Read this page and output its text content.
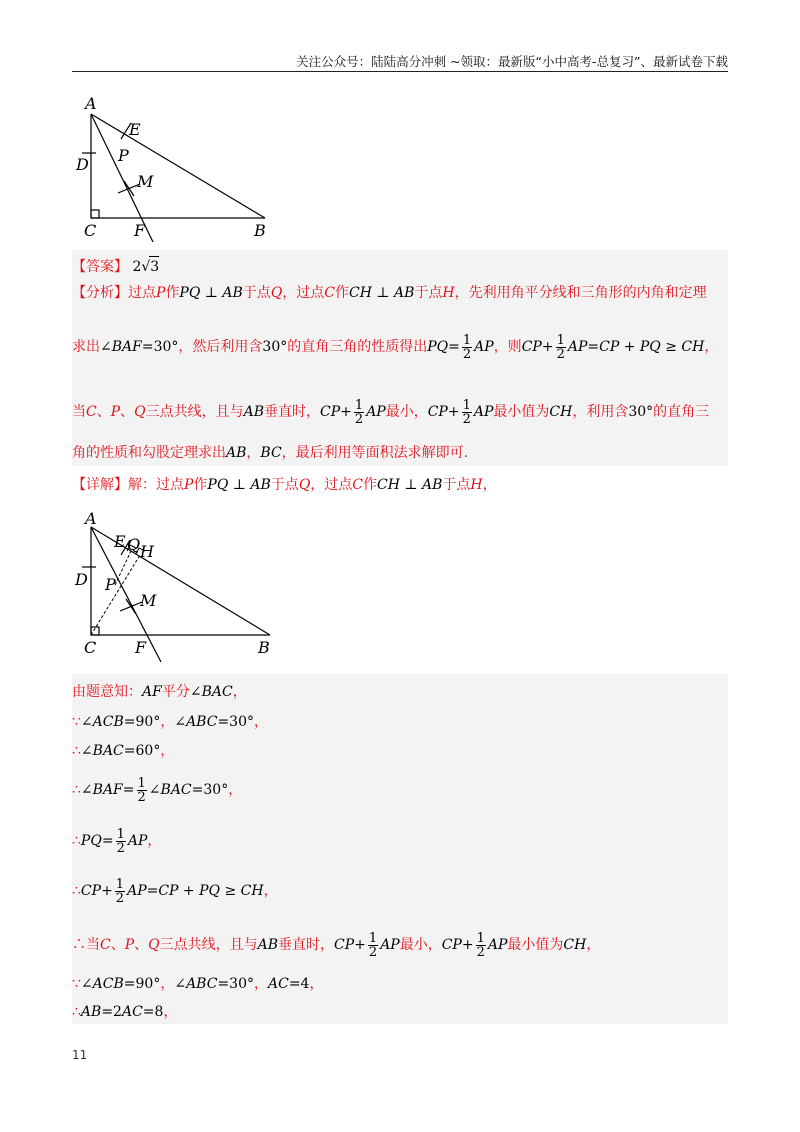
关注公众号：陆陆高分冲刺 ~领取：最新版“小中高考-总复习”、最新试卷下载
A
E
D P
M
C F	B
【答案】 2√3
【分析】过点P作PQ ⊥ AB于点Q，过点C作CH ⊥ AB于点H，先利用角平分线和三角形的内角和定理
求出∠BAF=30°，然后利用含30°的直角三角的性质得出$PQ= \frac{1}{2}$ AP，则$CP+ \frac{1}{2} AP=CP$ + PQ ≥ CH，
当C、P、Q三点共线，且与AB垂直时，$CP+ \frac{1}{2}$ AP最小，$CP+ \frac{1}{2}$ AP最小值为CH，利用含30°的直角三
角的性质和勾股定理求出AB，BC，最后利用等面积法求解即可.
【详解】解：过点P作PQ ⊥ AB于点Q，过点C作CH ⊥ AB于点H，
A
E Q H
D P
M
C F	B
由题意知：AF平分∠BAC，
∵∠ACB=90°，∠ABC=30°，
∴∠BAC=60°，
∴∠BAF= $\frac{1}{2}$ ∠BAC=30°，
∴PQ= $\frac{1}{2}$ AP，
∴CP+ $\frac{1}{2} AP=CP$ + PQ ≥ CH，
∴当C、P、Q三点共线，且与AB垂直时，$CP+ \frac{1}{2}$ AP最小，$CP+ \frac{1}{2}$ AP最小值为CH，
∵∠ACB=90°，∠ABC=30°，AC=4，
∴AB=2AC=8，
11
